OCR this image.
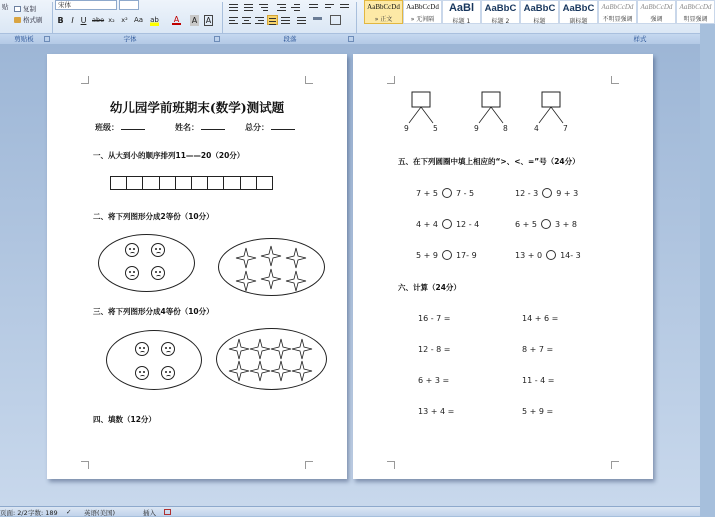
贴	复制
格式刷
宋体
B I U abe x₂ x² Aa ab A A A
AaBbCcDd
» 正文
AaBbCcDd
» 无间隔
AaBl
标题 1
AaBbC
标题 2
AaBbC
标题
AaBbC
副标题
AaBbCcDd
不明显强调
AaBbCcDd
强调
AaBbCcDd
明显强调
剪贴板	字体	段落	样式
幼儿园学前班期末(数学)测试题
班级：	姓名：	总分：
一、从大到小的顺序排列11——20（20分）
二、将下列图形分成2等份（10分）
三、将下列图形分成4等份（10分）
四、填数（12分）
9	5	9	8	4	7
五、在下列圆圈中填上相应的“>、<、=”号（24分）
7 + 5 7 - 5	12 - 3 9 + 3
4 + 4 12 - 4	6 + 5 3 + 8
5 + 9 17- 9	13 + 0 14- 3
六、计算（24分）
16 - 7 =	14 + 6 =
12 - 8 =	8 + 7 =
6 + 3 =	11 - 4 =
13 + 4 =	5 + 9 =
页面: 2/2 字数: 189 ✓ 英语(美国)	插入
